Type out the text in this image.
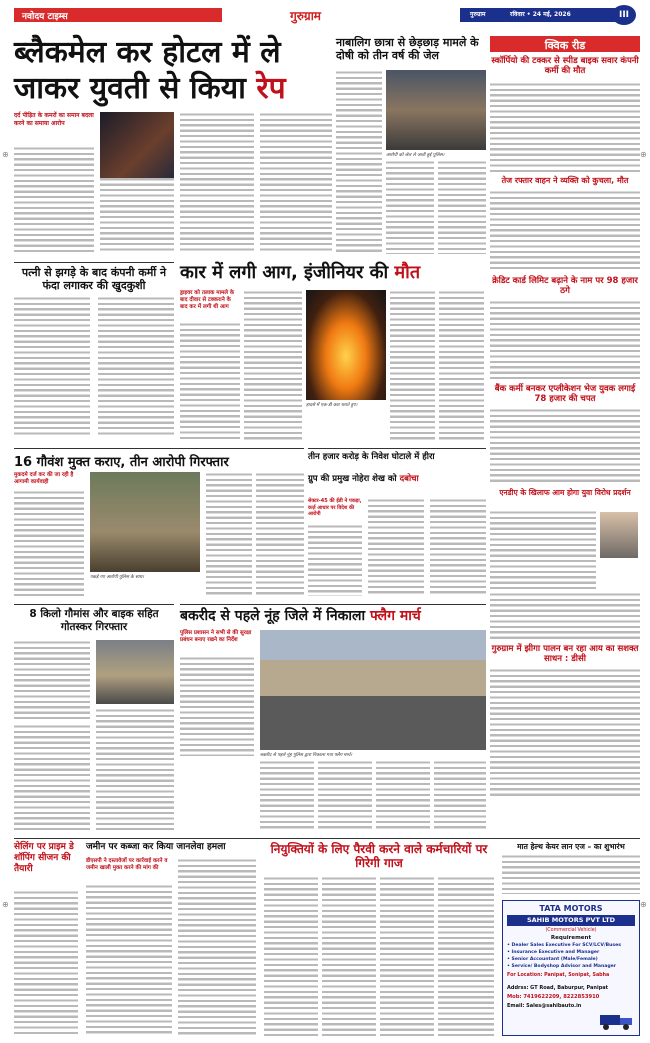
नवोदय टाइम्स	गुरुग्राम	गुरुग्राम	रविवार • 24 मई, 2026	III
ब्लैकमेल कर होटल में ले
जाकर युवती से किया रेप
दर्द पीड़ित के कमरों का समान बदला करने का समाया आरोप
नाबालिग छात्रा से छेड़छाड़ मामले के दोषी को तीन वर्ष की जेल
आरोपी को जेल ले जाती हुई पुलिस।
क्विक रीड
स्कॉर्पियो की टक्कर से स्पीड बाइक सवार कंपनी कर्मी की मौत
तेज रफ्तार वाहन ने व्यक्ति को कुचला, मौत
क्रेडिट कार्ड लिमिट बढ़ाने के नाम पर 98 हजार ठगे
बैंक कर्मी बनकर एप्लीकेशन भेज युवक लगाई 78 हजार की चपत
एनडीए के खिलाफ आम होगा युवा विरोध प्रदर्शन
गुरुग्राम में झीगा पालन बन रहा आय का सशक्त साधन : डीसी
पत्नी से झगड़े के बाद कंपनी कर्मी ने फंदा लगाकर की खुदकुशी
कार में लगी आग, इंजीनियर की मौत
ड्राइवर को तलाक मामले के बाद दीवार से टक्कराने के बाद कर में लगी थी आग
हादसे में एक-डी कार धराते हुए।
16 गौवंश मुक्त कराए, तीन आरोपी गिरफ्तार
मुकदमे दर्ज कर की जा रही है आगामी कार्यवाही
पकड़े गए आरोपी पुलिस के साथ।
तीन हजार करोड़ के निवेश घोटाले में हीरा
ग्रुप की प्रमुख नोहेरा शेख को दबोचा
सेक्टर-45 की ईडी ने पकड़ा, कर्ज़ आधार पर विदेश की आरोपी
8 किलो गौमांस और बाइक सहित गोतस्कर गिरफ्तार
बकरीद से पहले नूंह जिले में निकाला फ्लैग मार्च
पुलिस प्रशासन ने सभी से की सुरक्षा प्रबंधन बनाए रखने का निर्देश
बकरीद से पहले नूंह पुलिस द्वारा निकाला गया फ्लैग मार्च।
सेलिंग पर प्राइम डे शॉपिंग सीजन की तैयारी
जमीन पर कब्जा कर किया जानलेवा हमला
डीएसपी ने दस्तावेजों पर कार्रवाई करने व जमीन खाली मुक्त करने की मांग की
नियुक्तियों के लिए पैरवी करने वाले कर्मचारियों पर गिरेगी गाज
मात हेल्थ केयर लान एज – का शुभारंभ
TATA MOTORS
SAHIB MOTORS PVT LTD
(Commercial Vehicle)
Requirement
• Dealer Sales Executive For SCV/LCV/Buses
• Insurance Executive and Manager
• Senior Accountant (Male/Female)
• Service/ Bodyshop Advisor and Manager
For Location: Panipat, Sonipat, Sabha
Addrss: GT Road, Baburpur, Panipat
Mob: 7419622209, 8222853910
Email: Sales@sahibauto.in
⊕	⊕
⊕	⊕
